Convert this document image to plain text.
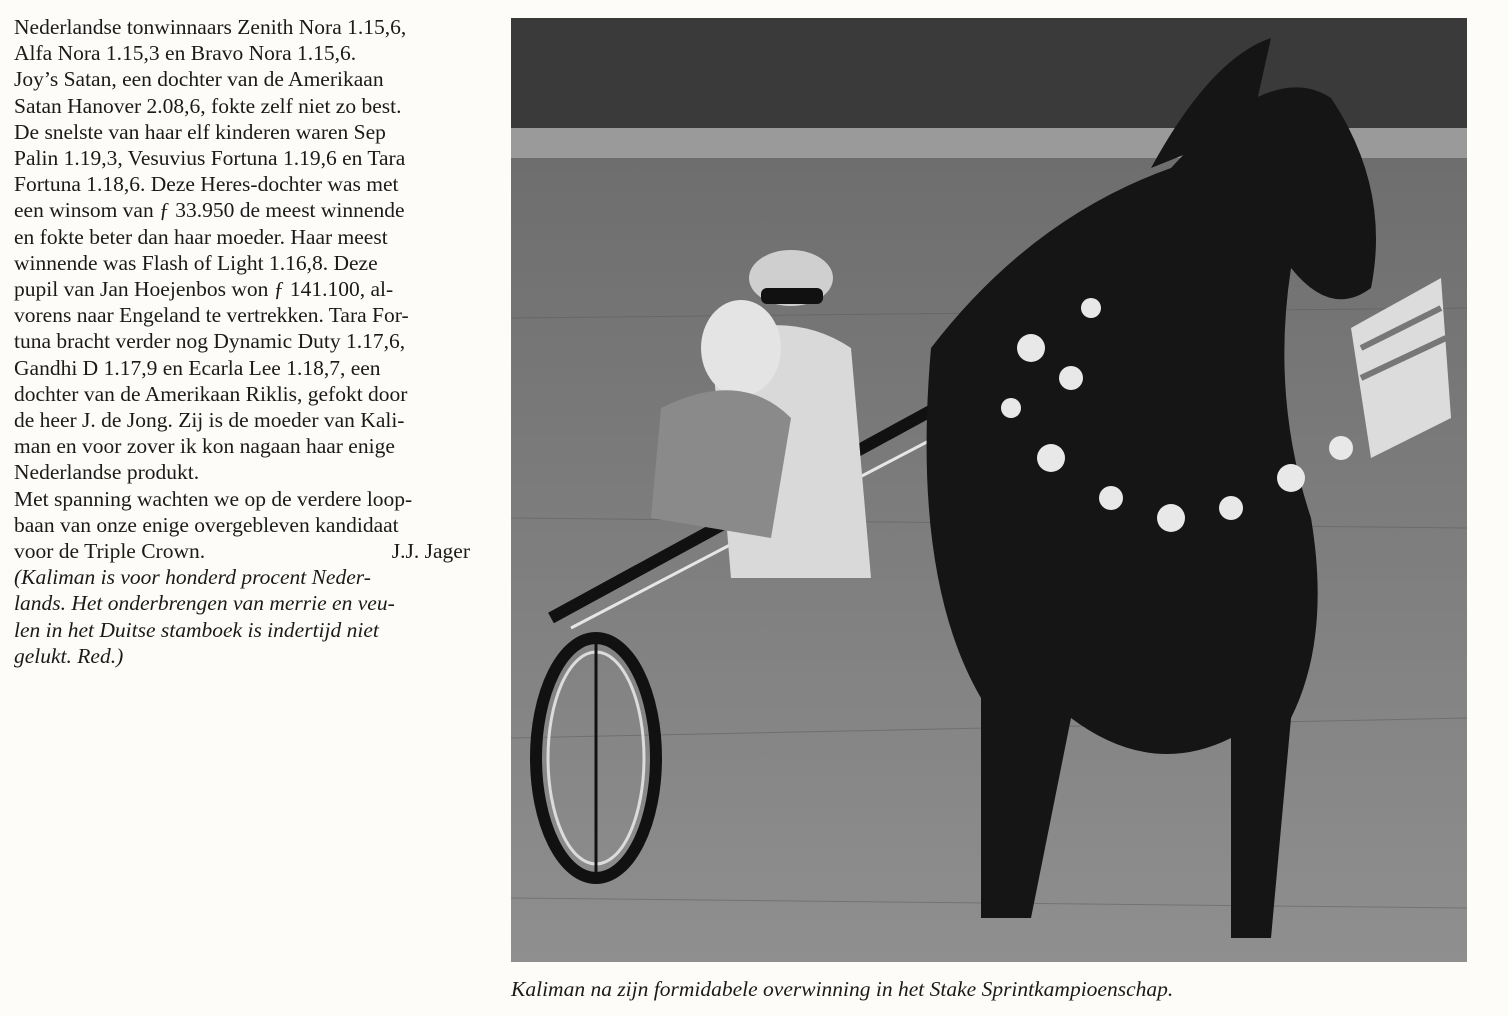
Nederlandse tonwinnaars Zenith Nora 1.15,6,
Alfa Nora 1.15,3 en Bravo Nora 1.15,6.

Joy’s Satan, een dochter van de Amerikaan
Satan Hanover 2.08,6, fokte zelf niet zo best.
De snelste van haar elf kinderen waren Sep
Palin 1.19,3, Vesuvius Fortuna 1.19,6 en Tara
Fortuna 1.18,6. Deze Heres-dochter was met
een winsom van ƒ 33.950 de meest winnende
en fokte beter dan haar moeder. Haar meest
winnende was Flash of Light 1.16,8. Deze
pupil van Jan Hoejenbos won ƒ 141.100, al-
vorens naar Engeland te vertrekken. Tara For-
tuna bracht verder nog Dynamic Duty 1.17,6,
Gandhi D 1.17,9 en Ecarla Lee 1.18,7, een
dochter van de Amerikaan Riklis, gefokt door
de heer J. de Jong. Zij is de moeder van Kali-
man en voor zover ik kon nagaan haar enige
Nederlandse produkt.

Met spanning wachten we op de verdere loop-
baan van onze enige overgebleven kandidaat

voor de Triple Crown.	J.J. Jager

(Kaliman is voor honderd procent Neder-
lands. Het onderbrengen van merrie en veu-
len in het Duitse stamboek is indertijd niet
gelukt. Red.)

Kaliman na zijn formidabele overwinning in het Stake Sprintkampioenschap.
